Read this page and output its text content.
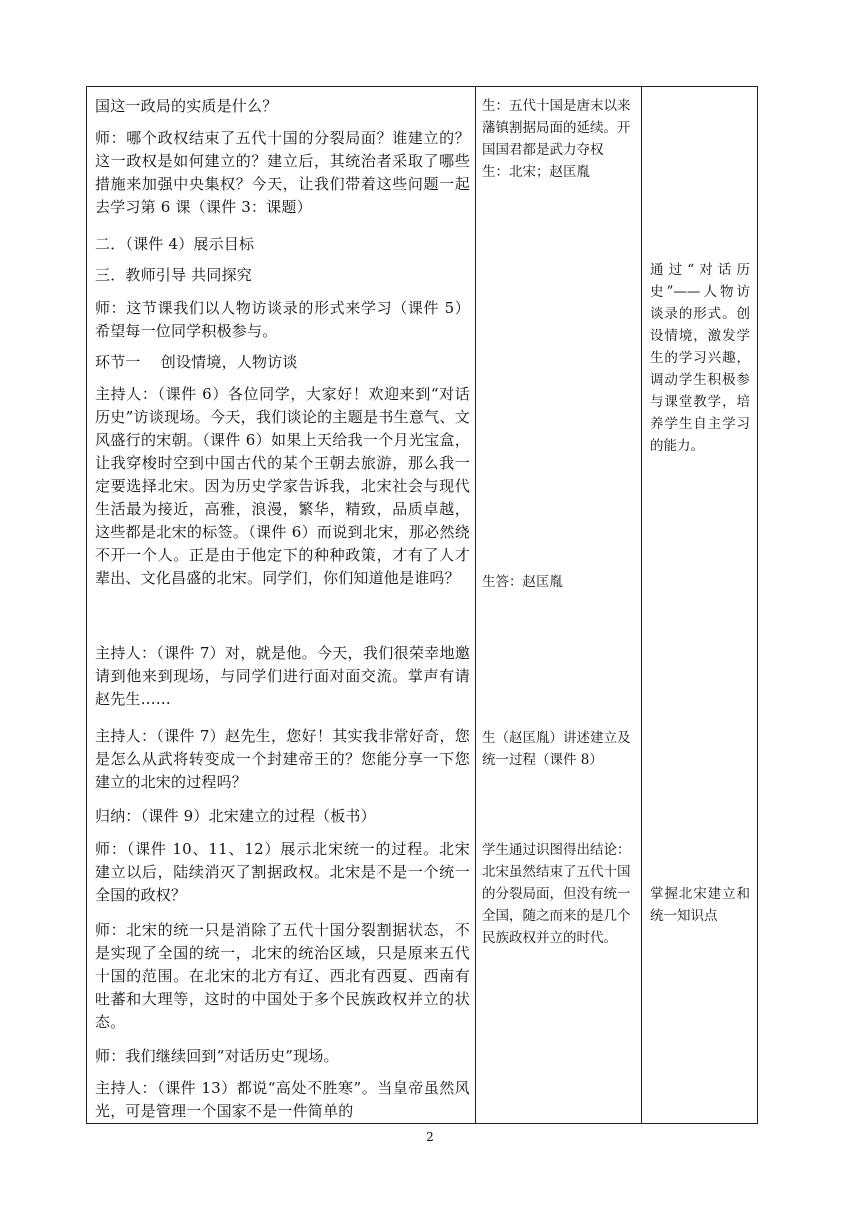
国这一政局的实质是什么？
师：哪个政权结束了五代十国的分裂局面？谁建立的？这一政权是如何建立的？建立后，其统治者采取了哪些措施来加强中央集权？今天，让我们带着这些问题一起去学习第 6 课（课件 3：课题）
二．（课件 4）展示目标
三．教师引导 共同探究
师：这节课我们以人物访谈录的形式来学习（课件 5）希望每一位同学积极参与。
环节一　 创设情境，人物访谈
主持人：（课件 6）各位同学，大家好！欢迎来到“对话历史”访谈现场。今天，我们谈论的主题是书生意气、文风盛行的宋朝。（课件 6）如果上天给我一个月光宝盒，让我穿梭时空到中国古代的某个王朝去旅游，那么我一定要选择北宋。因为历史学家告诉我，北宋社会与现代生活最为接近，高雅，浪漫，繁华，精致，品质卓越，这些都是北宋的标签。（课件 6）而说到北宋，那必然绕不开一个人。正是由于他定下的种种政策，才有了人才辈出、文化昌盛的北宋。同学们，你们知道他是谁吗？
主持人：（课件 7）对，就是他。今天，我们很荣幸地邀请到他来到现场，与同学们进行面对面交流。掌声有请赵先生……
主持人：（课件 7）赵先生，您好！其实我非常好奇，您是怎么从武将转变成一个封建帝王的？您能分享一下您建立的北宋的过程吗？
归纳：（课件 9）北宋建立的过程（板书）
师：（课件 10、11、12）展示北宋统一的过程。北宋建立以后，陆续消灭了割据政权。北宋是不是一个统一全国的政权？
师：北宋的统一只是消除了五代十国分裂割据状态，不是实现了全国的统一，北宋的统治区域，只是原来五代十国的范围。在北宋的北方有辽、西北有西夏、西南有吐蕃和大理等，这时的中国处于多个民族政权并立的状态。
师：我们继续回到“对话历史”现场。
主持人：（课件 13）都说“高处不胜寒”。当皇帝虽然风光，可是管理一个国家不是一件简单的
生：五代十国是唐末以来藩镇割据局面的延续。开国国君都是武力夺权
生：北宋；赵匡胤
生答：赵匡胤
生（赵匡胤）讲述建立及统一过程（课件 8）
学生通过识图得出结论：北宋虽然结束了五代十国的分裂局面，但没有统一全国，随之而来的是几个民族政权并立的时代。
通过“对话历史”——人物访谈录的形式。创设情境，激发学生的学习兴趣，调动学生积极参与课堂教学，培养学生自主学习的能力。
掌握北宋建立和统一知识点
2
